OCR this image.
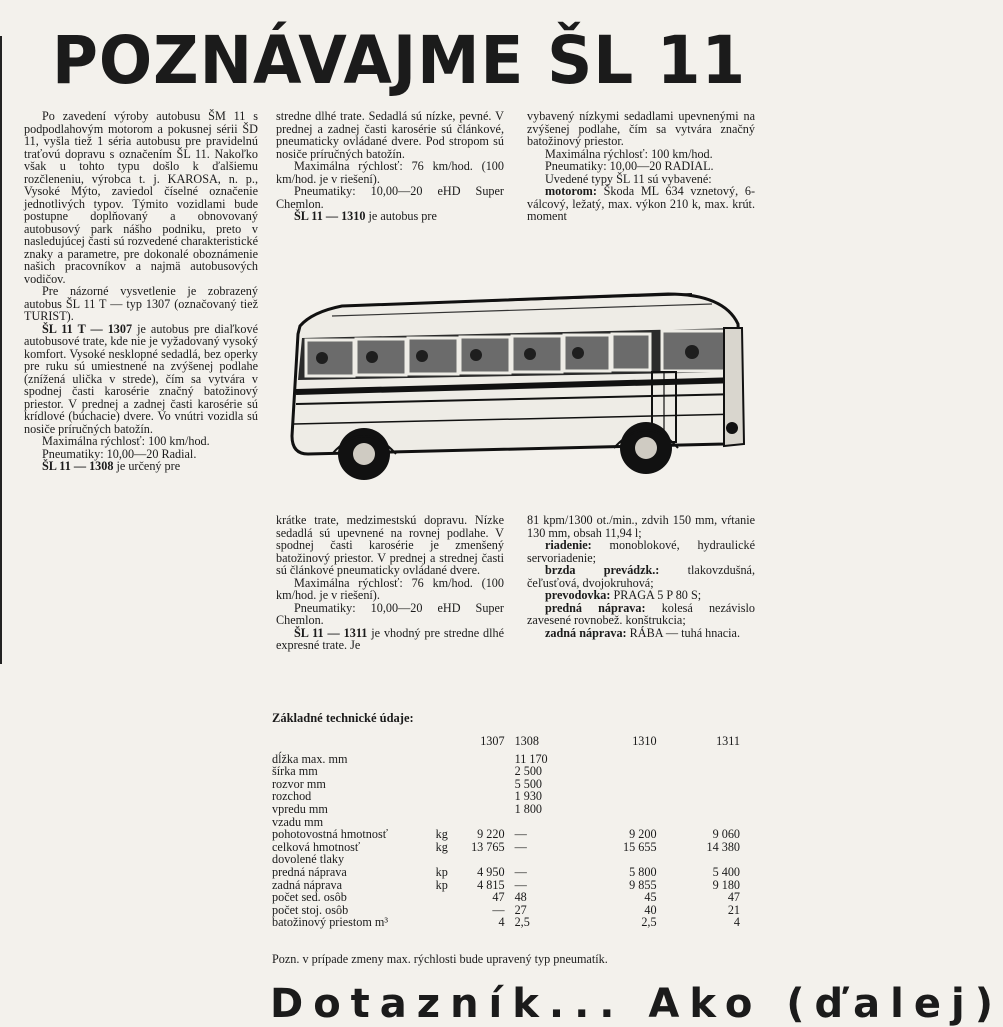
POZNÁVAJME ŠL 11

Po zavedení výroby autobusu ŠM 11 s podpodlahovým motorom a pokusnej sérii ŠD 11, vyšla tiež 1 séria autobusu pre pravidelnú traťovú dopravu s označením ŠL 11. Nakoľko však u tohto typu došlo k ďalšiemu rozčleneniu, výrobca t. j. KAROSA, n. p., Vysoké Mýto, zaviedol číselné označenie jednotlivých typov. Týmito vozidlami bude postupne doplňovaný a obnovovaný autobusový park nášho podniku, preto v nasledujúcej časti sú rozvedené charakteristické znaky a parametre, pre dokonalé oboznámenie našich pracovníkov a najmä autobusových vodičov.

Pre názorné vysvetlenie je zobrazený autobus ŠL 11 T — typ 1307 (označovaný tiež TURIST).

ŠL 11 T — 1307 je autobus pre diaľkové autobusové trate, kde nie je vyžadovaný vysoký komfort. Vysoké nesklopné sedadlá, bez operky pre ruku sú umiestnené na zvýšenej podlahe (znížená ulička v strede), čím sa vytvára v spodnej časti karosérie značný batožinový priestor. V prednej a zadnej časti karosérie sú krídlové (búchacie) dvere. Vo vnútri vozidla sú nosiče príručných batožín.

Maximálna rýchlosť: 100 km/hod.

Pneumatiky: 10,00—20 Radial.

ŠL 11 — 1308 je určený pre

stredne dlhé trate. Sedadlá sú nízke, pevné. V prednej a zadnej časti karosérie sú článkové, pneumaticky ovládané dvere. Pod stropom sú nosiče príručných batožín.

Maximálna rýchlosť: 76 km/hod. (100 km/hod. je v riešení).

Pneumatiky: 10,00—20 eHD Super Chemlon.

ŠL 11 — 1310 je autobus pre

vybavený nízkymi sedadlami upevnenými na zvýšenej podlahe, čím sa vytvára značný batožinový priestor.

Maximálna rýchlosť: 100 km/hod.

Pneumatiky: 10,00—20 RADIAL.

Uvedené typy ŠL 11 sú vybavené:

motorom: Škoda ML 634 vznetový, 6-válcový, ležatý, max. výkon 210 k, max. krút. moment

krátke trate, medzimestskú dopravu. Nízke sedadlá sú upevnené na rovnej podlahe. V spodnej časti karosérie je zmenšený batožinový priestor. V prednej a strednej časti sú článkové pneumaticky ovládané dvere.

Maximálna rýchlosť: 76 km/hod. (100 km/hod. je v riešení).

Pneumatiky: 10,00—20 eHD Super Chemlon.

ŠL 11 — 1311 je vhodný pre stredne dlhé expresné trate. Je

81 kpm/1300 ot./min., zdvih 150 mm, vŕtanie 130 mm, obsah 11,94 l;

riadenie: monoblokové, hydraulické servoriadenie;

brzda prevádzk.: tlakovzdušná, čeľusťová, dvojokruhová;

prevodovka: PRAGA 5 P 80 S;

predná náprava: kolesá nezávislo zavesené rovnobež. konštrukcia;

zadná náprava: RÁBA — tuhá hnacia.

Základné technické údaje:
		1307	1308	1310	1311
dĺžka max. mm			11 170		
šírka mm			2 500		
rozvor mm			5 500		
rozchod			1 930		
vpredu mm			1 800		
vzadu mm					
pohotovostná hmotnosť	kg	9 220	—	9 200	9 060
celková hmotnosť	kg	13 765	—	15 655	14 380
dovolené tlaky					
predná náprava	kp	4 950	—	5 800	5 400
zadná náprava	kp	4 815	—	9 855	9 180
počet sed. osôb		47	48	45	47
počet stoj. osôb		—	27	40	21
batožinový priestom m³		4	2,5	2,5	4
Pozn. v prípade zmeny max. rýchlosti bude upravený typ pneumatík.
Dotazník... Ako (ďalej)
